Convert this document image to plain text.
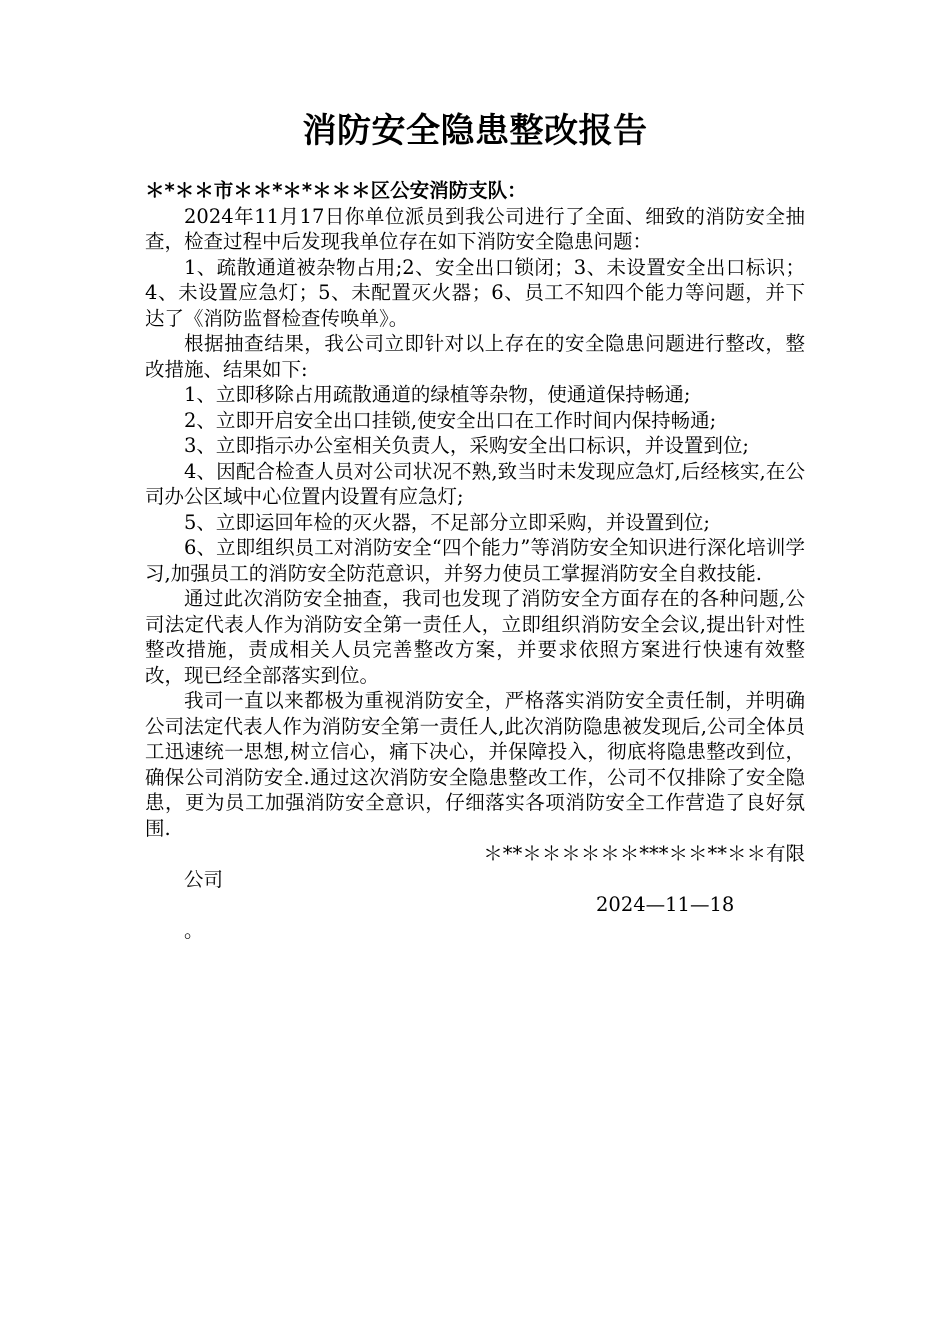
消防安全隐患整改报告

＊*＊＊市＊＊*＊*＊＊＊区公安消防支队：

2024年11月17日你单位派员到我公司进行了全面、细致的消防安全抽查，检查过程中后发现我单位存在如下消防安全隐患问题：

1、疏散通道被杂物占用;2、安全出口锁闭；3、未设置安全出口标识；4、未设置应急灯；5、未配置灭火器；6、员工不知四个能力等问题，并下达了《消防监督检查传唤单》。

根据抽查结果，我公司立即针对以上存在的安全隐患问题进行整改，整改措施、结果如下:

1、立即移除占用疏散通道的绿植等杂物，使通道保持畅通;

2、立即开启安全出口挂锁,使安全出口在工作时间内保持畅通;

3、立即指示办公室相关负责人，采购安全出口标识，并设置到位;

4、因配合检查人员对公司状况不熟,致当时未发现应急灯,后经核实,在公司办公区域中心位置内设置有应急灯;

5、立即运回年检的灭火器，不足部分立即采购，并设置到位;

6、立即组织员工对消防安全“四个能力”等消防安全知识进行深化培训学习,加强员工的消防安全防范意识，并努力使员工掌握消防安全自救技能.

通过此次消防安全抽查，我司也发现了消防安全方面存在的各种问题,公司法定代表人作为消防安全第一责任人，立即组织消防安全会议,提出针对性整改措施，责成相关人员完善整改方案，并要求依照方案进行快速有效整改，现已经全部落实到位。

我司一直以来都极为重视消防安全，严格落实消防安全责任制，并明确公司法定代表人作为消防安全第一责任人,此次消防隐患被发现后,公司全体员工迅速统一思想,树立信心，痛下决心，并保障投入，彻底将隐患整改到位，确保公司消防安全.通过这次消防安全隐患整改工作，公司不仅排除了安全隐患，更为员工加强消防安全意识，仔细落实各项消防安全工作营造了良好氛围.

＊**＊＊＊＊＊＊***＊＊**＊＊有限

公司

2024—11—18

。
